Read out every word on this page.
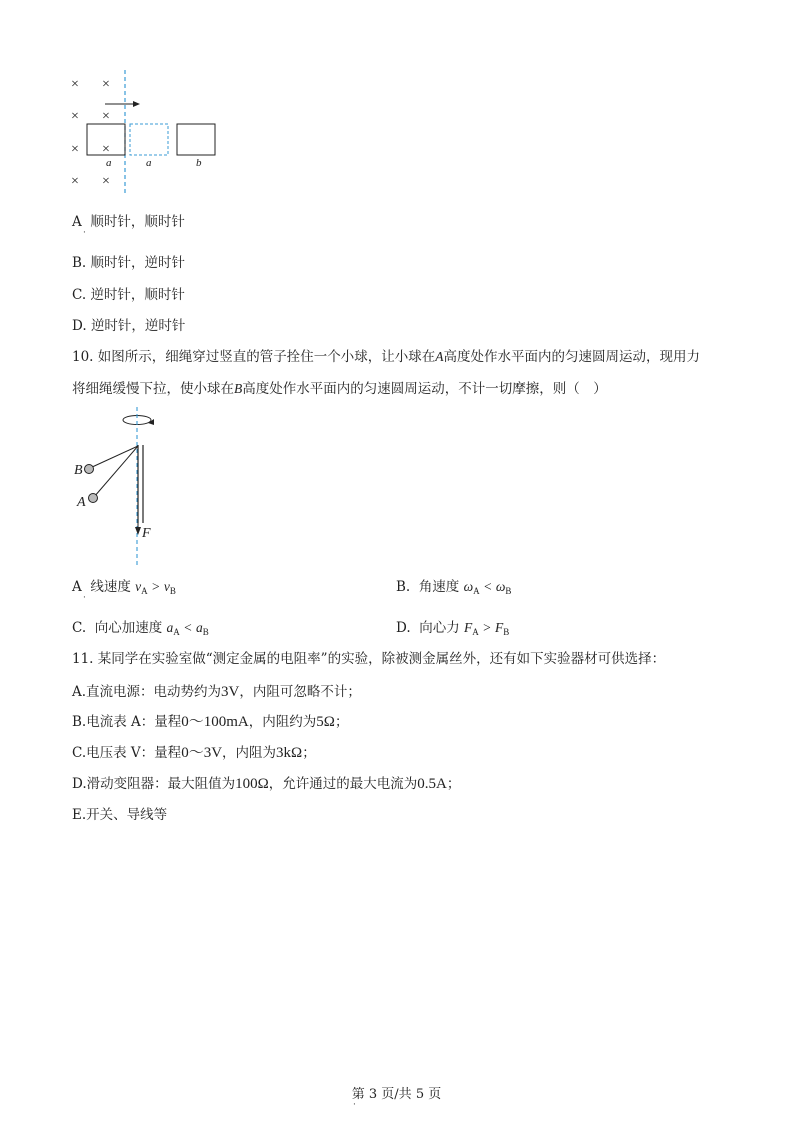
× ×
× ×
× ×
× ×
a	a	b
A
·
顺时针，顺时针
B. 顺时针，逆时针
C. 逆时针，顺时针
D. 逆时针，逆时针
10. 如图所示，细绳穿过竖直的管子拴住一个小球，让小球在A高度处作水平面内的匀速圆周运动，现用力
将细绳缓慢下拉，使小球在B高度处作水平面内的匀速圆周运动，不计一切摩擦，则（　）
B
A
F
A
·
线速度 $v_A > v_B$	B. 角速度 $\omega_A < \omega_B$
C. 向心加速度 $a_A < a_B$	D. 向心力 $F_A > F_B$
11. 某同学在实验室做“测定金属的电阻率”的实验，除被测金属丝外，还有如下实验器材可供选择：
A.直流电源：电动势约为3V，内阻可忽略不计；
B.电流表 A：量程0～100mA，内阻约为5Ω；
C.电压表 V：量程0～3V，内阻为3kΩ；
D.滑动变阻器：最大阻值为100Ω，允许通过的最大电流为0.5A；
E.开关、导线等
第 3 页/共 5 页
·
